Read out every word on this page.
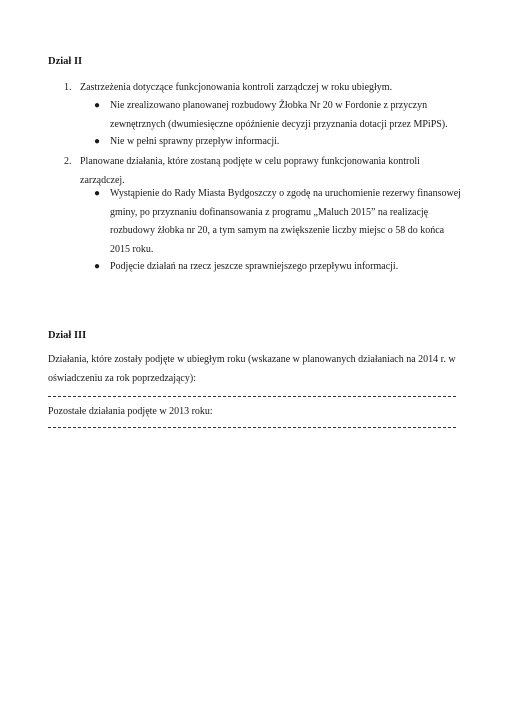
Dział II
1. Zastrzeżenia dotyczące funkcjonowania kontroli zarządczej w roku ubiegłym.
● Nie zrealizowano planowanej rozbudowy Żłobka Nr 20 w Fordonie z przyczyn zewnętrznych (dwumiesięczne opóźnienie decyzji przyznania dotacji przez MPiPS).
● Nie w pełni sprawny przepływ informacji.
2. Planowane działania, które zostaną podjęte w celu poprawy funkcjonowania kontroli zarządczej.
● Wystąpienie do Rady Miasta Bydgoszczy o zgodę na uruchomienie rezerwy finansowej gminy, po przyznaniu dofinansowania z programu „Maluch 2015” na realizację rozbudowy żłobka nr 20, a tym samym na zwiększenie liczby miejsc o 58 do końca 2015 roku.
● Podjęcie działań na rzecz jeszcze sprawniejszego przepływu informacji.
Dział III
Działania, które zostały podjęte w ubiegłym roku (wskazane w planowanych działaniach na 2014 r. w oświadczeniu za rok poprzedzający):
Pozostałe działania podjęte w 2013 roku:
